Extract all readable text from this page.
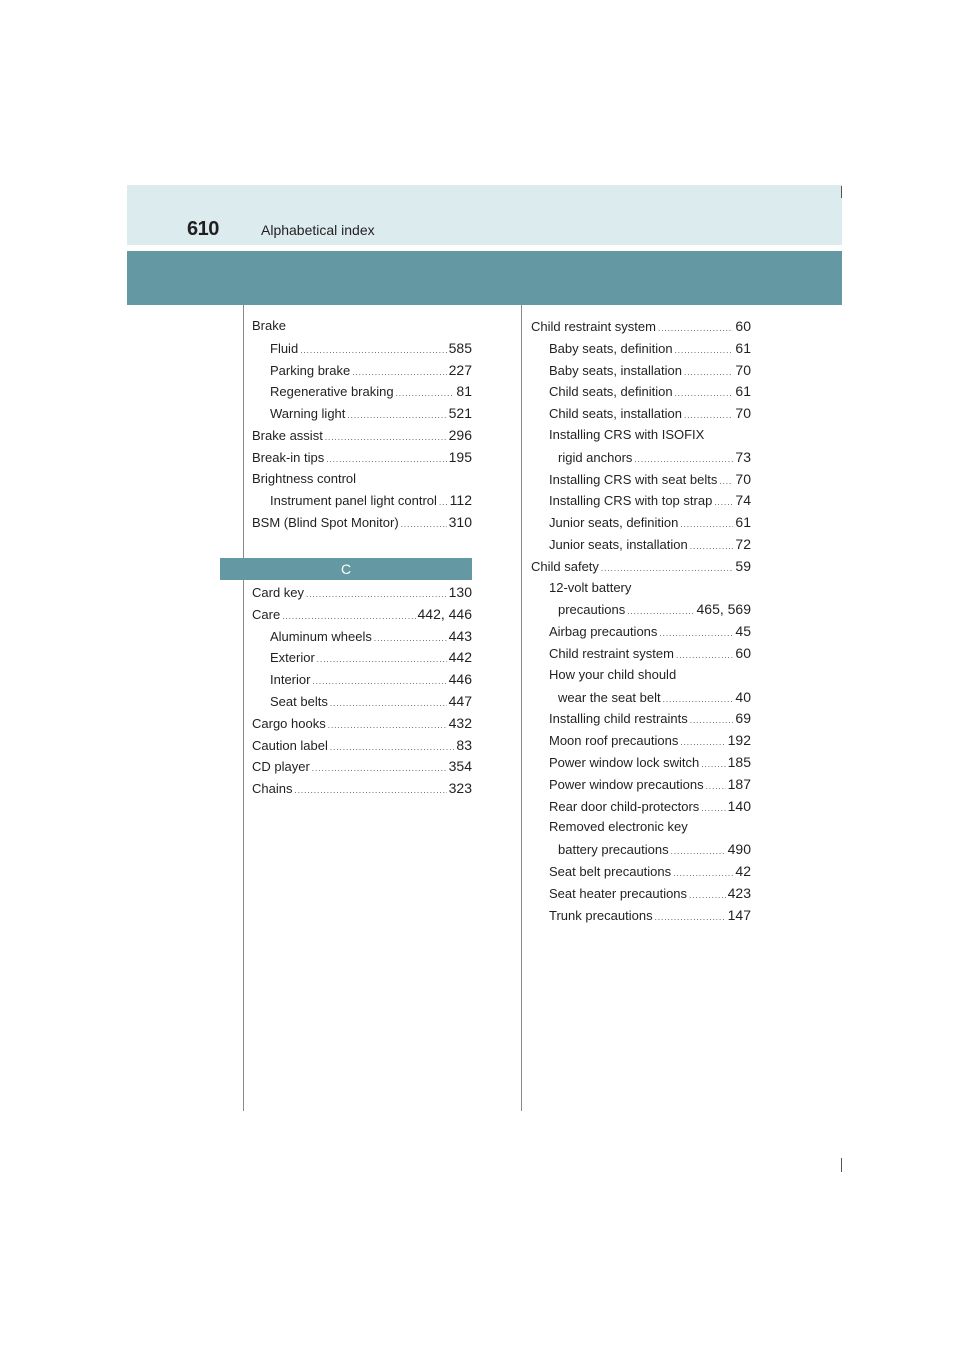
610	Alphabetical index
Brake
Fluid .....	585
Parking brake .....	227
Regenerative braking .....	81
Warning light .....	521
Brake assist .....	296
Break-in tips .....	195
Brightness control
Instrument panel light control ..... 112
BSM (Blind Spot Monitor) .....	310
C
Card key .....	130
Care .....	442, 446
Aluminum wheels .....	443
Exterior .....	442
Interior .....	446
Seat belts .....	447
Cargo hooks .....	432
Caution label .....	83
CD player .....	354
Chains .....	323
Child restraint system .....	60
Baby seats, definition .....	61
Baby seats, installation .....	70
Child seats, definition .....	61
Child seats, installation .....	70
Installing CRS with ISOFIX
rigid anchors .....	73
Installing CRS with seat belts ..... 70
Installing CRS with top strap ..... 74
Junior seats, definition .....	61
Junior seats, installation .....	72
Child safety .....	59
12-volt battery
precautions .....	465, 569
Airbag precautions .....	45
Child restraint system .....	60
How your child should
wear the seat belt .....	40
Installing child restraints .....	69
Moon roof precautions .....	192
Power window lock switch ..... 185
Power window precautions ..... 187
Rear door child-protectors ..... 140
Removed electronic key
battery precautions .....	490
Seat belt precautions .....	42
Seat heater precautions .....	423
Trunk precautions .....	147
